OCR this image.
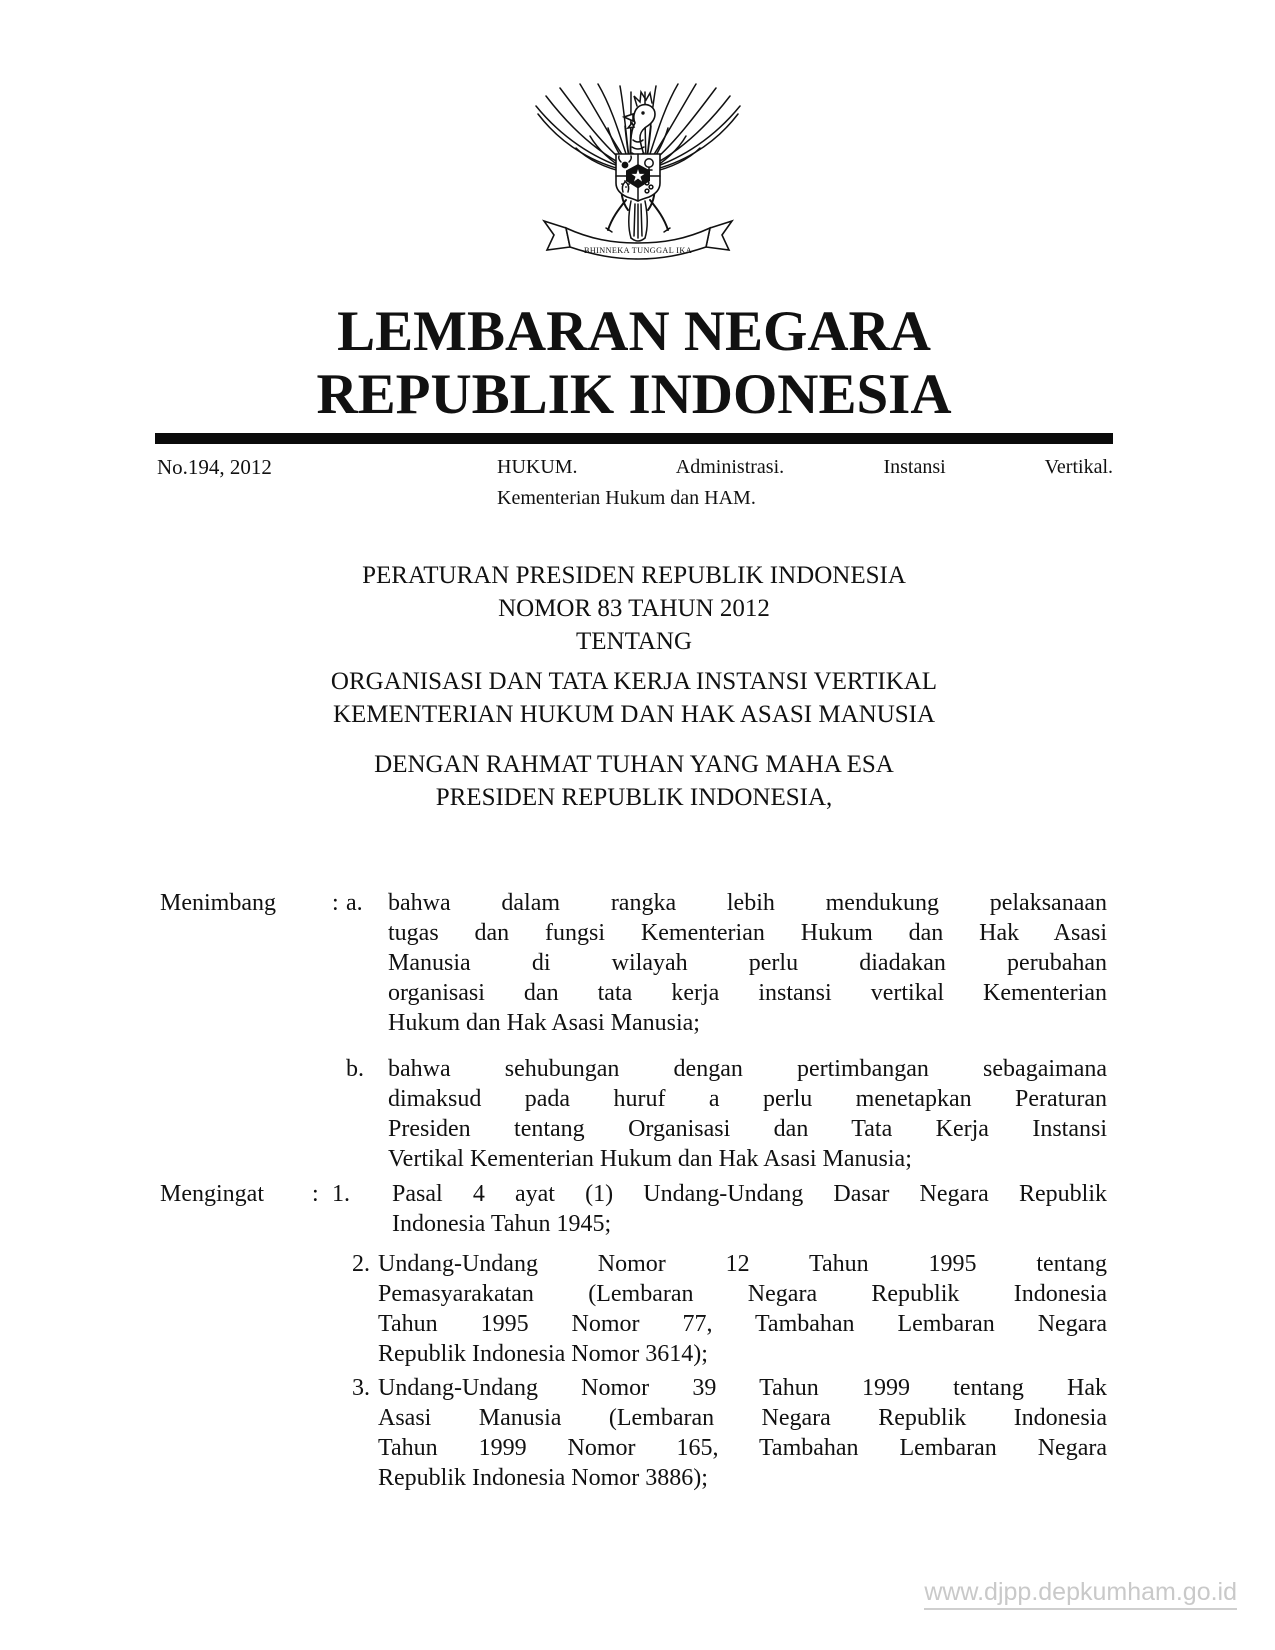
BHINNEKA TUNGGAL IKA
LEMBARAN NEGARA
REPUBLIK INDONESIA
No.194, 2012	HUKUM. Administrasi. Instansi Vertikal.
Kementerian Hukum dan HAM.
PERATURAN PRESIDEN REPUBLIK INDONESIA
NOMOR 83 TAHUN 2012
TENTANG
ORGANISASI DAN TATA KERJA INSTANSI VERTIKAL
KEMENTERIAN HUKUM DAN HAK ASASI MANUSIA
DENGAN RAHMAT TUHAN YANG MAHA ESA
PRESIDEN REPUBLIK INDONESIA,
Menimbang	: a.	bahwa dalam rangka lebih mendukung pelaksanaan
tugas dan fungsi Kementerian Hukum dan Hak Asasi
Manusia di wilayah perlu diadakan perubahan
organisasi dan tata kerja instansi vertikal Kementerian
Hukum dan Hak Asasi Manusia;
b.	bahwa sehubungan dengan pertimbangan sebagaimana
dimaksud pada huruf a perlu menetapkan Peraturan
Presiden tentang Organisasi dan Tata Kerja Instansi
Vertikal Kementerian Hukum dan Hak Asasi Manusia;
Mengingat	: 1.	Pasal 4 ayat (1) Undang-Undang Dasar Negara Republik
Indonesia Tahun 1945;
2. Undang-Undang Nomor 12 Tahun 1995 tentang
Pemasyarakatan (Lembaran Negara Republik Indonesia
Tahun 1995 Nomor 77, Tambahan Lembaran Negara
Republik Indonesia Nomor 3614);
3. Undang-Undang Nomor 39 Tahun 1999 tentang Hak
Asasi Manusia (Lembaran Negara Republik Indonesia
Tahun 1999 Nomor 165, Tambahan Lembaran Negara
Republik Indonesia Nomor 3886);
www.djpp.depkumham.go.id
